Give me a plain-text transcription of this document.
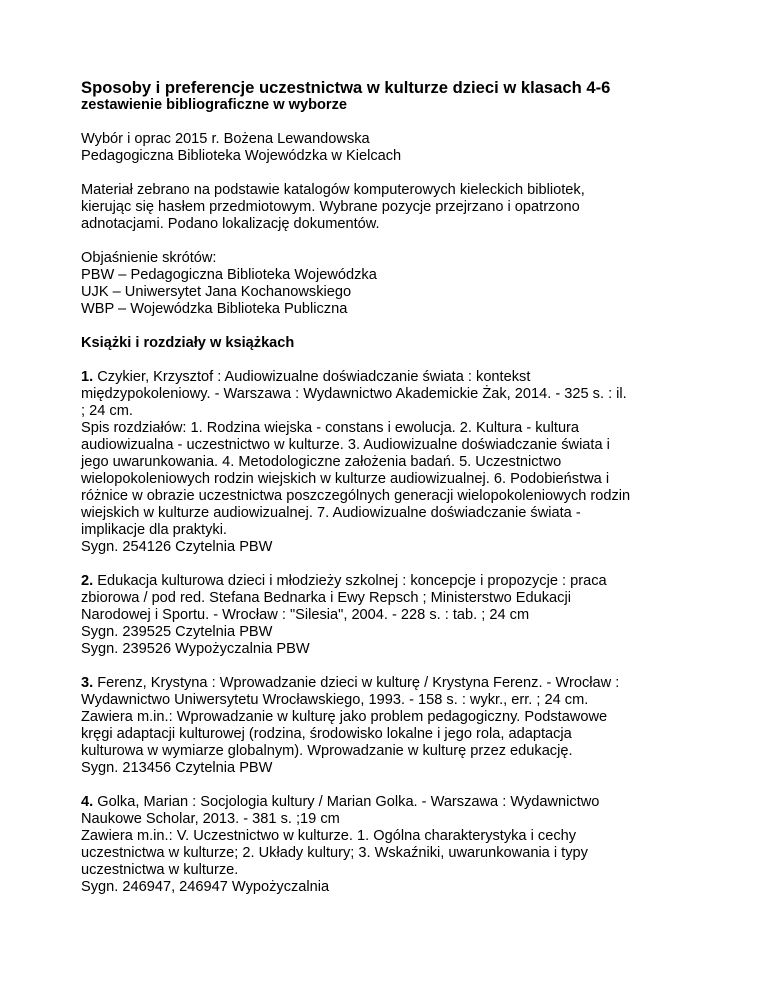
Sposoby i preferencje uczestnictwa w kulturze dzieci w klasach 4-6

zestawienie bibliograficzne w wyborze

Wybór i oprac 2015 r. Bożena Lewandowska
Pedagogiczna Biblioteka Wojewódzka w Kielcach
Materiał zebrano na podstawie katalogów komputerowych kieleckich bibliotek,
kierując się hasłem przedmiotowym. Wybrane pozycje przejrzano i opatrzono
adnotacjami. Podano lokalizację dokumentów.
Objaśnienie skrótów:
PBW – Pedagogiczna Biblioteka Wojewódzka
UJK – Uniwersytet Jana Kochanowskiego
WBP – Wojewódzka Biblioteka Publiczna

Książki i rozdziały w książkach

1. Czykier, Krzysztof : Audiowizualne doświadczanie świata : kontekst
międzypokoleniowy. - Warszawa : Wydawnictwo Akademickie Żak, 2014. - 325 s. : il.
; 24 cm.
Spis rozdziałów: 1. Rodzina wiejska - constans i ewolucja. 2. Kultura - kultura
audiowizualna - uczestnictwo w kulturze. 3. Audiowizualne doświadczanie świata i
jego uwarunkowania. 4. Metodologiczne założenia badań. 5. Uczestnictwo
wielopokoleniowych rodzin wiejskich w kulturze audiowizualnej. 6. Podobieństwa i
różnice w obrazie uczestnictwa poszczególnych generacji wielopokoleniowych rodzin
wiejskich w kulturze audiowizualnej. 7. Audiowizualne doświadczanie świata -
implikacje dla praktyki.
Sygn. 254126 Czytelnia PBW
2. Edukacja kulturowa dzieci i młodzieży szkolnej : koncepcje i propozycje : praca
zbiorowa / pod red. Stefana Bednarka i Ewy Repsch ; Ministerstwo Edukacji
Narodowej i Sportu. - Wrocław : "Silesia", 2004. - 228 s. : tab. ; 24 cm
Sygn. 239525 Czytelnia PBW
Sygn. 239526 Wypożyczalnia PBW
3. Ferenz, Krystyna : Wprowadzanie dzieci w kulturę / Krystyna Ferenz. - Wrocław :
Wydawnictwo Uniwersytetu Wrocławskiego, 1993. - 158 s. : wykr., err. ; 24 cm.
Zawiera m.in.: Wprowadzanie w kulturę jako problem pedagogiczny. Podstawowe
kręgi adaptacji kulturowej (rodzina, środowisko lokalne i jego rola, adaptacja
kulturowa w wymiarze globalnym). Wprowadzanie w kulturę przez edukację.
Sygn. 213456 Czytelnia PBW
4. Golka, Marian : Socjologia kultury / Marian Golka. - Warszawa : Wydawnictwo
Naukowe Scholar, 2013. - 381 s. ;19 cm
Zawiera m.in.: V. Uczestnictwo w kulturze. 1. Ogólna charakterystyka i cechy
uczestnictwa w kulturze; 2. Układy kultury; 3. Wskaźniki, uwarunkowania i typy
uczestnictwa w kulturze.
Sygn. 246947, 246947 Wypożyczalnia
